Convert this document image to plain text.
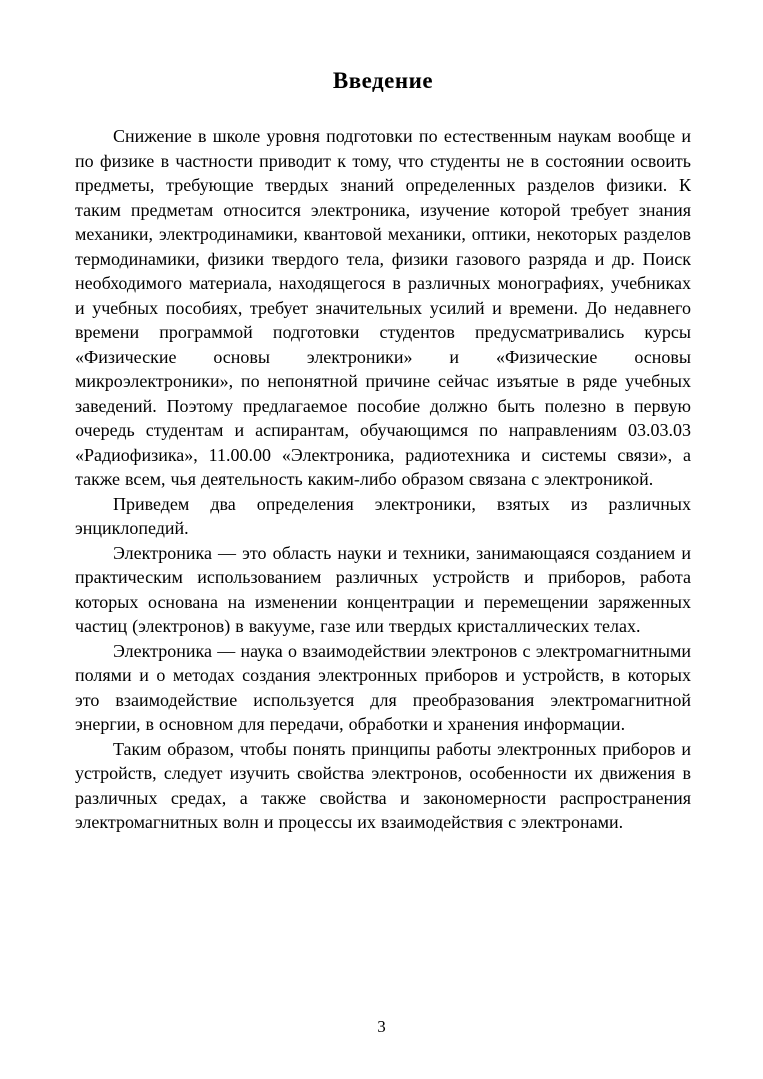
Введение

Снижение в школе уровня подготовки по естественным наукам вообще и по физике в частности приводит к тому, что студенты не в состоянии освоить предметы, требующие твердых знаний определенных разделов физики. К таким предметам относится электроника, изучение которой требует знания механики, электродинамики, квантовой механики, оптики, некоторых разделов термодинамики, физики твердого тела, физики газового разряда и др. Поиск необходимого материала, находящегося в различных монографиях, учебниках и учебных пособиях, требует значительных усилий и времени. До недавнего времени программой подготовки студентов предусматривались курсы «Физические основы электроники» и «Физические основы микроэлектроники», по непонятной причине сейчас изъятые в ряде учебных заведений. Поэтому предлагаемое пособие должно быть полезно в первую очередь студентам и аспирантам, обучающимся по направлениям 03.03.03 «Радиофизика», 11.00.00 «Электроника, радиотехника и системы связи», а также всем, чья деятельность каким-либо образом связана с электроникой.

Приведем два определения электроники, взятых из различных энциклопедий.

Электроника — это область науки и техники, занимающаяся созданием и практическим использованием различных устройств и приборов, работа которых основана на изменении концентрации и перемещении заряженных частиц (электронов) в вакууме, газе или твердых кристаллических телах.

Электроника — наука о взаимодействии электронов с электромагнитными полями и о методах создания электронных приборов и устройств, в которых это взаимодействие используется для преобразования электромагнитной энергии, в основном для передачи, обработки и хранения информации.

Таким образом, чтобы понять принципы работы электронных приборов и устройств, следует изучить свойства электронов, особенности их движения в различных средах, а также свойства и закономерности распространения электромагнитных волн и процессы их взаимодействия с электронами.

3
